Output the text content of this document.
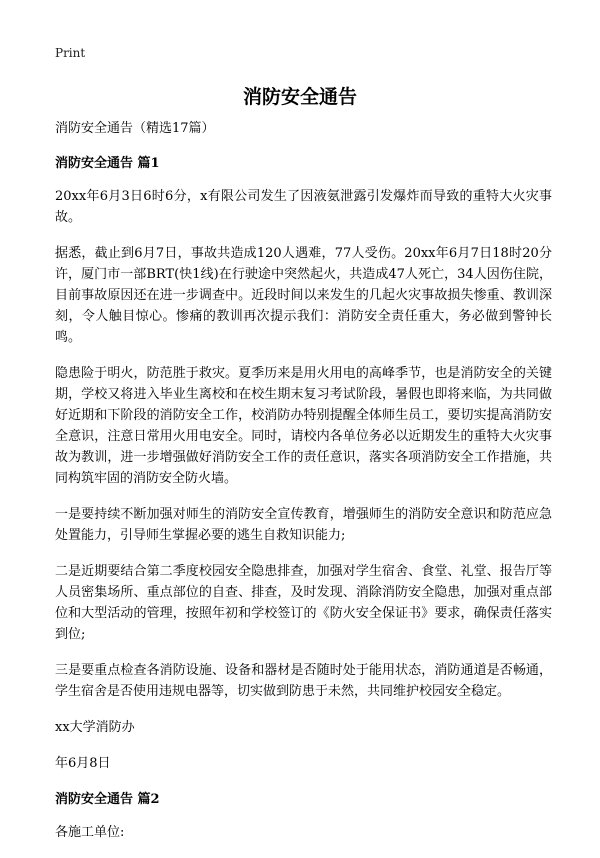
Print
消防安全通告

消防安全通告（精选17篇）

消防安全通告 篇1

20xx年6月3日6时6分，x有限公司发生了因液氨泄露引发爆炸而导致的重特大火灾事故。

据悉，截止到6月7日，事故共造成120人遇难，77人受伤。20xx年6月7日18时20分许，厦门市一部BRT(快1线)在行驶途中突然起火，共造成47人死亡，34人因伤住院，目前事故原因还在进一步调查中。近段时间以来发生的几起火灾事故损失惨重、教训深刻，令人触目惊心。惨痛的教训再次提示我们：消防安全责任重大，务必做到警钟长鸣。

隐患险于明火，防范胜于救灾。夏季历来是用火用电的高峰季节，也是消防安全的关键期，学校又将进入毕业生离校和在校生期末复习考试阶段，暑假也即将来临，为共同做好近期和下阶段的消防安全工作，校消防办特别提醒全体师生员工，要切实提高消防安全意识，注意日常用火用电安全。同时，请校内各单位务必以近期发生的重特大火灾事故为教训，进一步增强做好消防安全工作的责任意识，落实各项消防安全工作措施，共同构筑牢固的消防安全防火墙。

一是要持续不断加强对师生的消防安全宣传教育，增强师生的消防安全意识和防范应急处置能力，引导师生掌握必要的逃生自救知识能力;

二是近期要结合第二季度校园安全隐患排查，加强对学生宿舍、食堂、礼堂、报告厅等人员密集场所、重点部位的自查、排查，及时发现、消除消防安全隐患，加强对重点部位和大型活动的管理，按照年初和学校签订的《防火安全保证书》要求，确保责任落实到位;

三是要重点检查各消防设施、设备和器材是否随时处于能用状态，消防通道是否畅通，学生宿舍是否使用违规电器等，切实做到防患于未然，共同维护校园安全稳定。

xx大学消防办

年6月8日

消防安全通告 篇2

各施工单位:
